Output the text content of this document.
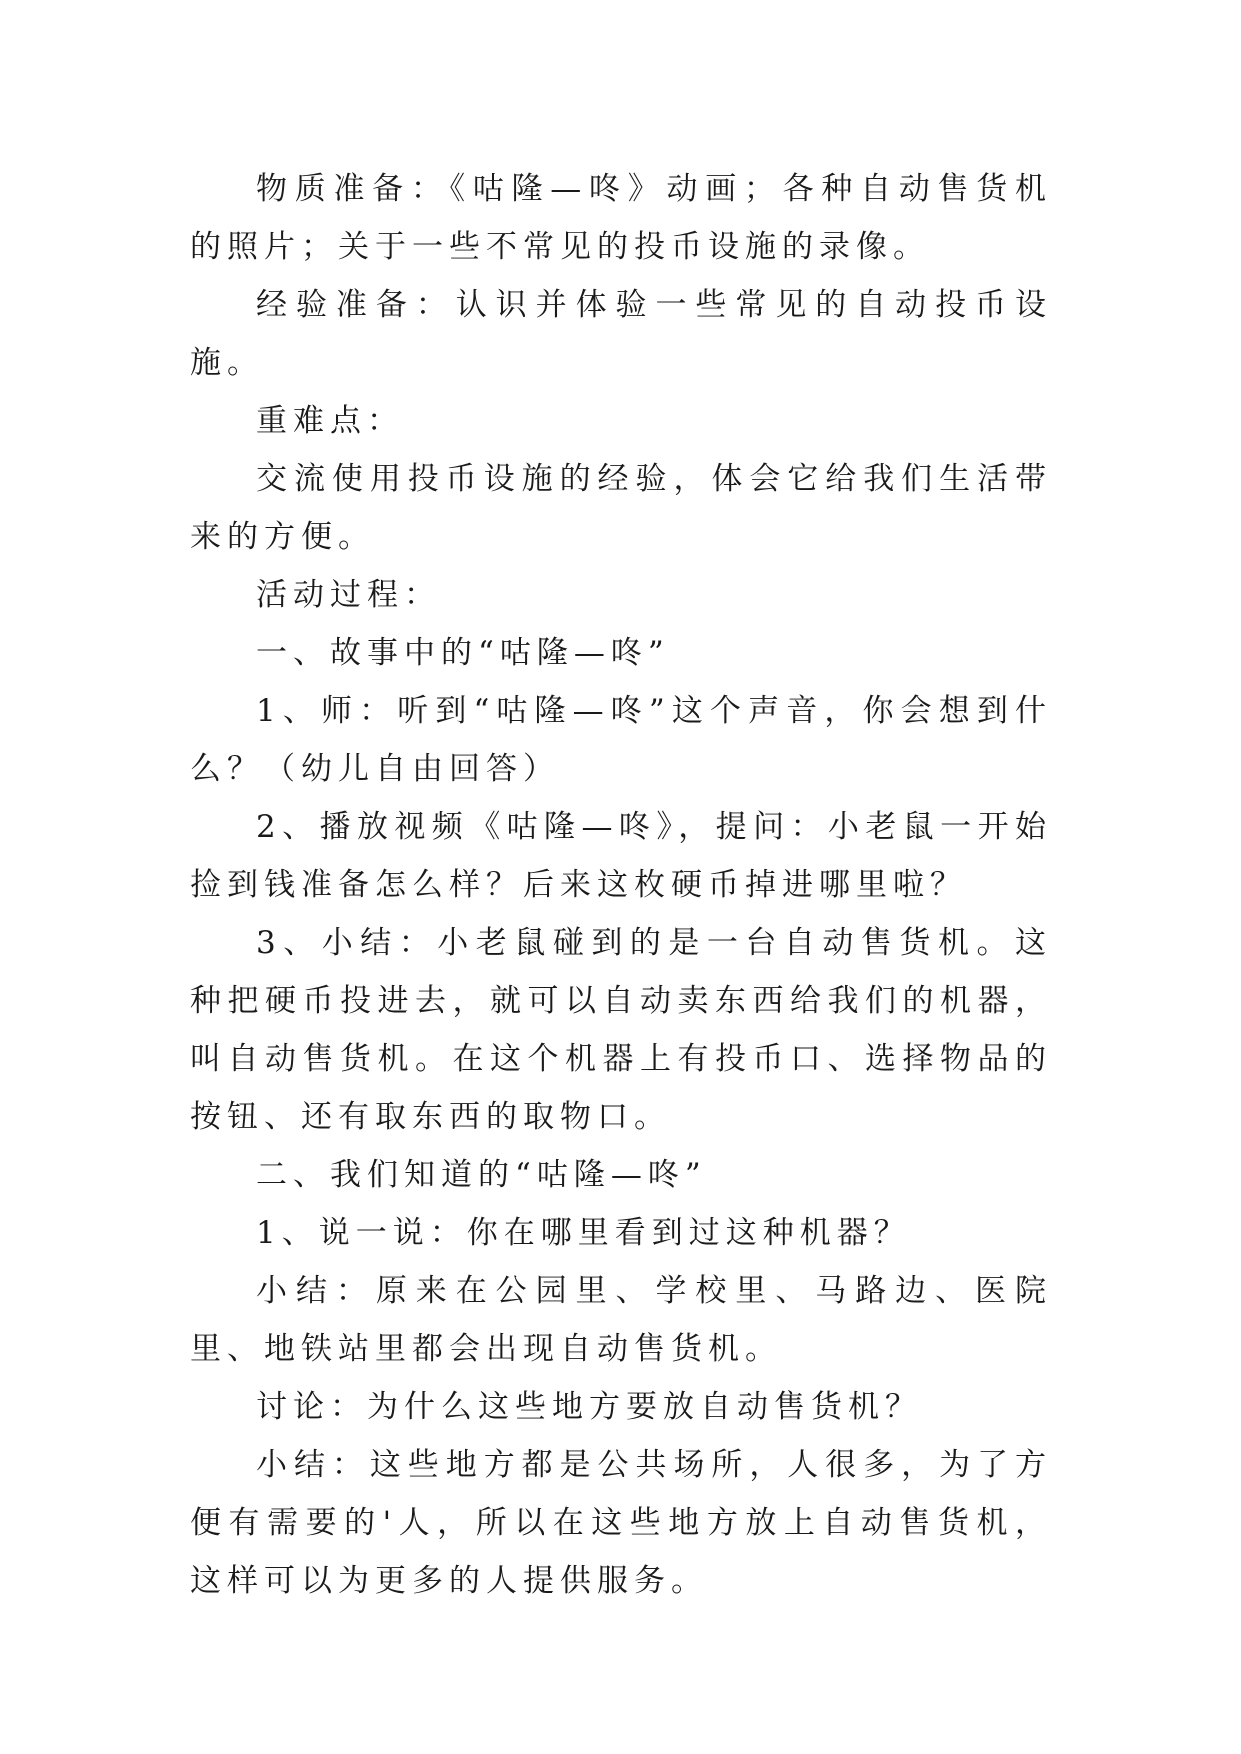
物质准备：《咕隆—咚》动画；各种自动售货机的照片；关于一些不常见的投币设施的录像。

经验准备：认识并体验一些常见的自动投币设施。

重难点：

交流使用投币设施的经验，体会它给我们生活带来的方便。

活动过程：

一、故事中的“咕隆—咚”

1、师：听到“咕隆—咚”这个声音，你会想到什么？（幼儿自由回答）

2、播放视频《咕隆—咚》，提问：小老鼠一开始捡到钱准备怎么样？后来这枚硬币掉进哪里啦？

3、小结：小老鼠碰到的是一台自动售货机。这种把硬币投进去，就可以自动卖东西给我们的机器，叫自动售货机。在这个机器上有投币口、选择物品的按钮、还有取东西的取物口。

二、我们知道的“咕隆—咚”

1、说一说：你在哪里看到过这种机器？

小结：原来在公园里、学校里、马路边、医院里、地铁站里都会出现自动售货机。

讨论：为什么这些地方要放自动售货机？

小结：这些地方都是公共场所，人很多，为了方便有需要的'人，所以在这些地方放上自动售货机，这样可以为更多的人提供服务。
